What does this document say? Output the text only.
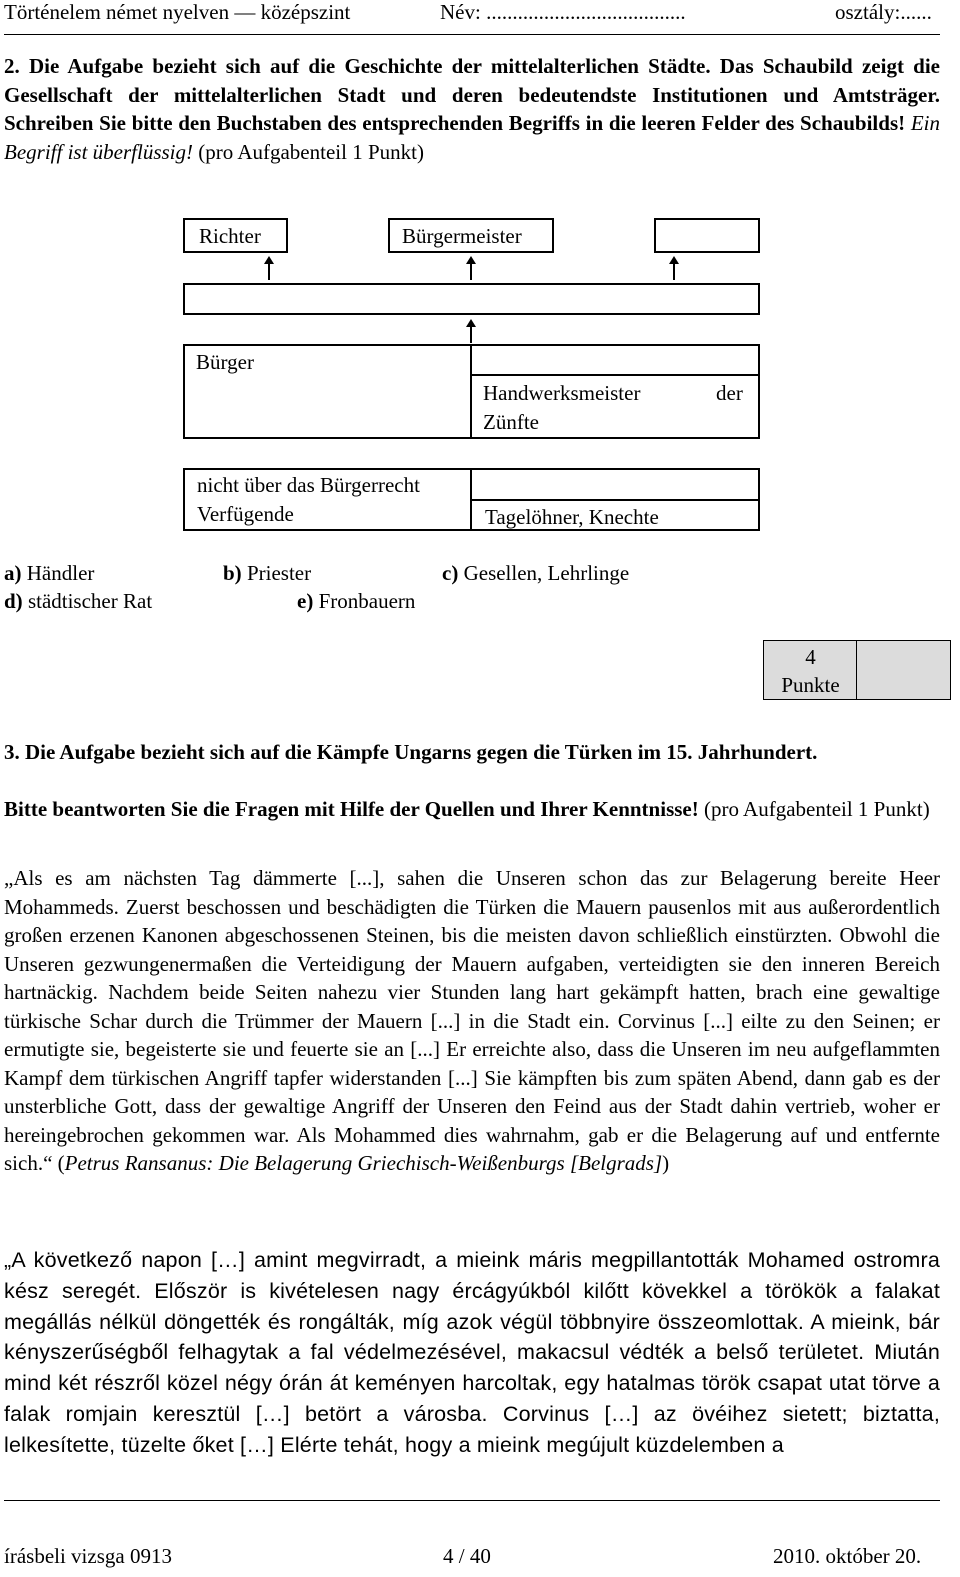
Történelem német nyelven — középszint	Név: ......................................	osztály:......
2. Die Aufgabe bezieht sich auf die Geschichte der mittelalterlichen Städte. Das Schaubild zeigt die Gesellschaft der mittelalterlichen Stadt und deren bedeutendste Institutionen und Amtsträger. Schreiben Sie bitte den Buchstaben des entsprechenden Begriffs in die leeren Felder des Schaubilds! Ein Begriff ist überflüssig! (pro Aufgabenteil 1 Punkt)
Richter	Bürgermeister
Bürger
Handwerksmeister	der
Zünfte
nicht über das Bürgerrecht
Verfügende	Tagelöhner, Knechte
a) Händler	b) Priester	c) Gesellen, Lehrlinge
d) städtischer Rat	e) Fronbauern
4
Punkte
3. Die Aufgabe bezieht sich auf die Kämpfe Ungarns gegen die Türken im 15. Jahrhundert.
Bitte beantworten Sie die Fragen mit Hilfe der Quellen und Ihrer Kenntnisse! (pro Aufgabenteil 1 Punkt)
„Als es am nächsten Tag dämmerte [...], sahen die Unseren schon das zur Belagerung bereite Heer Mohammeds. Zuerst beschossen und beschädigten die Türken die Mauern pausenlos mit aus außerordentlich großen erzenen Kanonen abgeschossenen Steinen, bis die meisten davon schließlich einstürzten. Obwohl die Unseren gezwungenermaßen die Verteidigung der Mauern aufgaben, verteidigten sie den inneren Bereich hartnäckig. Nachdem beide Seiten nahezu vier Stunden lang hart gekämpft hatten, brach eine gewaltige türkische Schar durch die Trümmer der Mauern [...] in die Stadt ein. Corvinus [...] eilte zu den Seinen; er ermutigte sie, begeisterte sie und feuerte sie an [...] Er erreichte also, dass die Unseren im neu aufgeflammten Kampf dem türkischen Angriff tapfer widerstanden [...] Sie kämpften bis zum späten Abend, dann gab es der unsterbliche Gott, dass der gewaltige Angriff der Unseren den Feind aus der Stadt dahin vertrieb, woher er hereingebrochen gekommen war. Als Mohammed dies wahrnahm, gab er die Belagerung auf und entfernte sich.“ (Petrus Ransanus: Die Belagerung Griechisch-Weißenburgs [Belgrads])
„A következő napon […] amint megvirradt, a mieink máris megpillantották Mohamed ostromra kész seregét. Először is kivételesen nagy ércágyúkból kilőtt kövekkel a törökök a falakat megállás nélkül döngették és rongálták, míg azok végül többnyire összeomlottak. A mieink, bár kényszerűségből felhagytak a fal védelmezésével, makacsul védték a belső területet. Miután mind két részről közel négy órán át keményen harcoltak, egy hatalmas török csapat utat törve a falak romjain keresztül […] betört a városba. Corvinus […] az övéihez sietett; biztatta, lelkesítette, tüzelte őket […] Elérte tehát, hogy a mieink megújult küzdelemben a
írásbeli vizsga 0913	4 / 40	2010. október 20.
